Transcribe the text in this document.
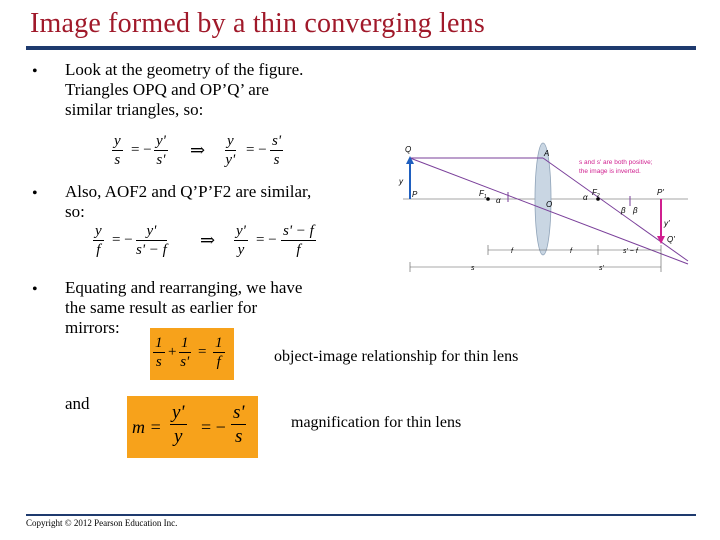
Image formed by a thin converging lens
• Look at the geometry of the figure.
Triangles OPQ and OP’Q’ are
similar triangles, so:
$\frac{y}{s}$ = − $\frac{y'}{s'}$ ⇒ $\frac{y}{y'}$ = − $\frac{s'}{s}$
• Also, AOF2 and Q’P’F2 are similar,
so:
$\frac{y}{f}$ = − $\frac{y'}{s' - f}$ ⇒ $\frac{y'}{y}$ = − $\frac{s' - f}{f}$
• Equating and rearranging, we have
the same result as earlier for
mirrors:
$\frac{1}{s} + \frac{1}{s'} = \frac{1}{f}$	object-image relationship for thin lens
and
$m = \frac{y'}{y}$ = − $\frac{s'}{s}$	magnification for thin lens
Q	A
y
P	$F_1$ α	O
α
$F_2$
β β
P'
y'
Q'
s and s' are both positive;
the image is inverted.
f	f	s' − f
s	s'
Copyright © 2012 Pearson Education Inc.
